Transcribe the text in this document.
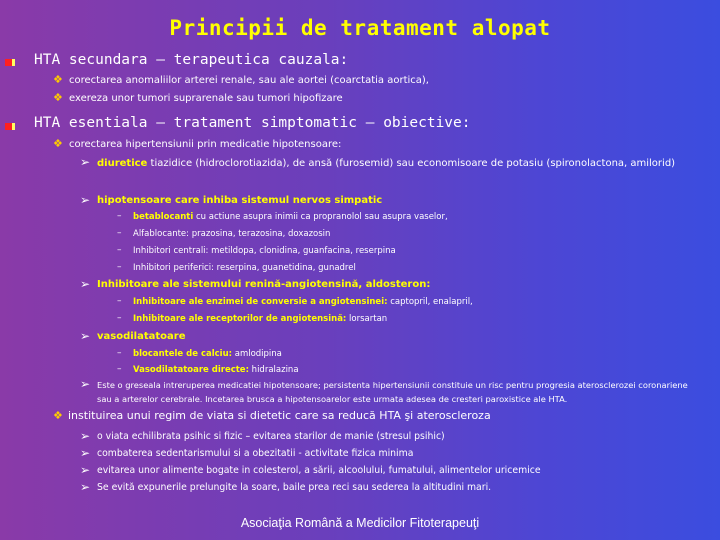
Principii de tratament alopat
HTA secundara – terapeutica cauzala:
❖ corectarea anomaliilor arterei renale, sau ale aortei (coarctatia aortica),
❖ exereza unor tumori suprarenale sau tumori hipofizare
HTA esentiala – tratament simptomatic – obiective:
❖ corectarea hipertensiunii prin medicatie hipotensoare:
➢ diuretice tiazidice (hidroclorotiazida), de ansă (furosemid) sau economisoare de potasiu (spironolactona, amilorid)
➢ hipotensoare care inhiba sistemul nervos simpatic
– betablocanti cu actiune asupra inimii ca propranolol sau asupra vaselor,
– Alfablocante: prazosina, terazosina, doxazosin
– Inhibitori centrali: metildopa, clonidina, guanfacina, reserpina
– Inhibitori periferici: reserpina, guanetidina, gunadrel
➢ Inhibitoare ale sistemului renină-angiotensină, aldosteron:
– Inhibitoare ale enzimei de conversie a angiotensinei: captopril, enalapril,
– Inhibitoare ale receptorilor de angiotensină: lorsartan
➢ vasodilatatoare
– blocantele de calciu: amlodipina
– Vasodilatatoare directe: hidralazina
➢ Este o greseala intreruperea medicatiei hipotensoare; persistenta hipertensiunii constituie un risc pentru progresia aterosclerozei coronariene sau a arterelor cerebrale. Incetarea brusca a hipotensoarelor este urmata adesea de cresteri paroxistice ale HTA.
❖ instituirea unui regim de viata si dietetic care sa reducă HTA şi ateroscleroza
➢ o viata echilibrata psihic si fizic – evitarea starilor de manie (stresul psihic)
➢ combaterea sedentarismului si a obezitatii - activitate fizica minima
➢ evitarea unor alimente bogate in colesterol, a sării, alcoolului, fumatului, alimentelor uricemice
➢ Se evită expunerile prelungite la soare, baile prea reci sau sederea la altitudini mari.
Asociaţia Română a Medicilor Fitoterapeuţi
